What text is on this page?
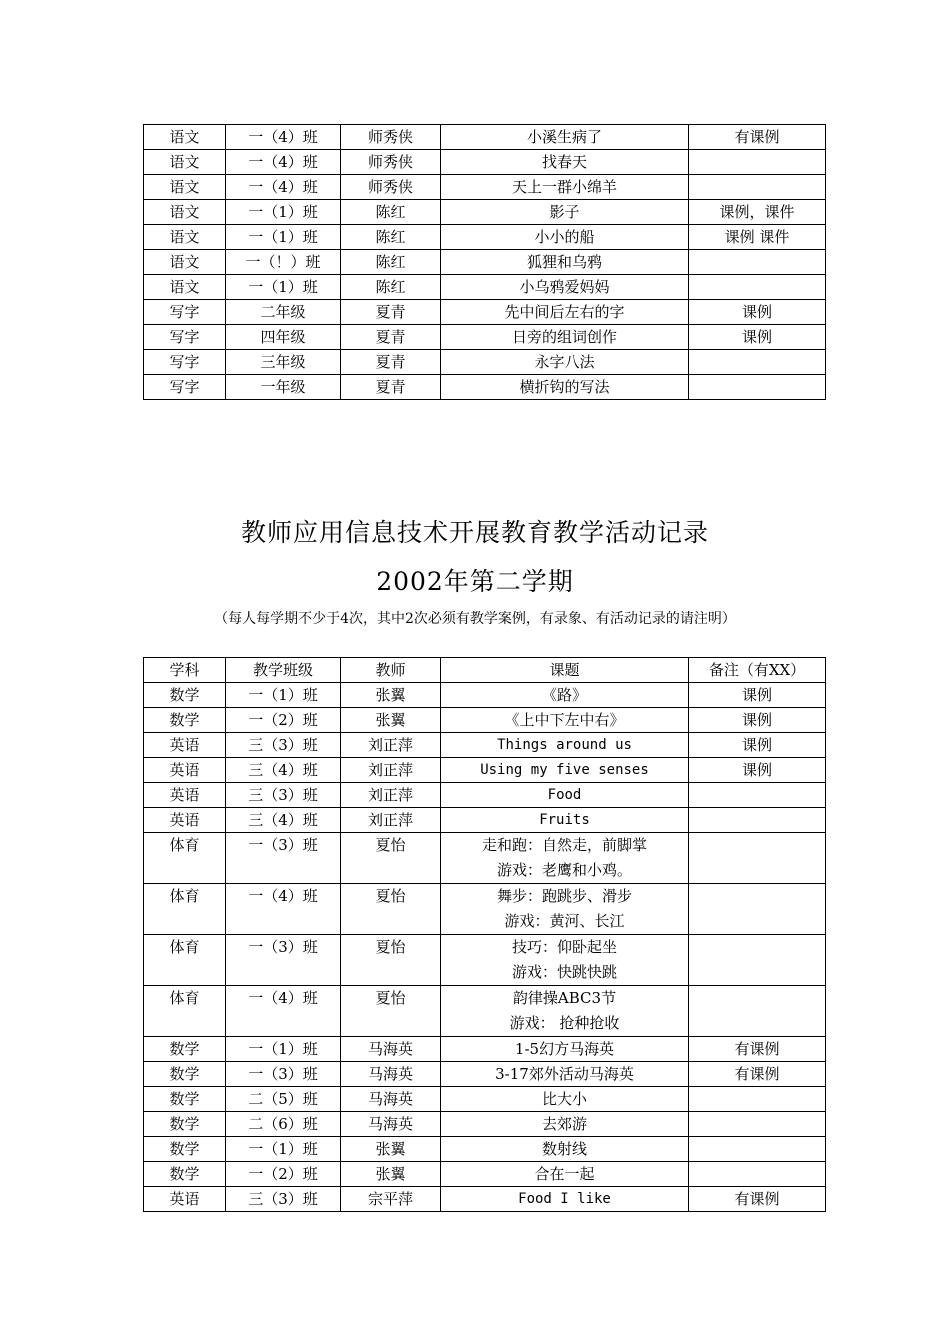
语文	一（4）班	师秀侠	小溪生病了	有课例
语文	一（4）班	师秀侠	找春天	
语文	一（4）班	师秀侠	天上一群小绵羊	
语文	一（1）班	陈红	影子	课例，课件
语文	一（1）班	陈红	小小的船	课例 课件
语文	一（！）班	陈红	狐狸和乌鸦	
语文	一（1）班	陈红	小乌鸦爱妈妈	
写字	二年级	夏青	先中间后左右的字	课例
写字	四年级	夏青	日旁的组词创作	课例
写字	三年级	夏青	永字八法	
写字	一年级	夏青	横折钩的写法	
教师应用信息技术开展教育教学活动记录
2002年第二学期
（每人每学期不少于4次，其中2次必须有教学案例，有录象、有活动记录的请注明）
学科	教学班级	教师	课题	备注（有XX）
数学	一（1）班	张翼	《路》	课例
数学	一（2）班	张翼	《上中下左中右》	课例
英语	三（3）班	刘正萍	Things around us	课例
英语	三（4）班	刘正萍	Using my five senses	课例
英语	三（3）班	刘正萍	Food	
英语	三（4）班	刘正萍	Fruits	
体育	一（3）班	夏怡	走和跑：自然走，前脚掌
游戏：老鹰和小鸡。	

体育	一（4）班	夏怡	舞步：跑跳步、滑步
游戏：黄河、长江	

体育	一（3）班	夏怡	技巧：仰卧起坐
游戏：快跳快跳	

体育	一（4）班	夏怡	韵律操ABC3节
游戏： 抢种抢收	

数学	一（1）班	马海英	1-5幻方马海英	有课例
数学	一（3）班	马海英	3-17郊外活动马海英	有课例
数学	二（5）班	马海英	比大小	
数学	二（6）班	马海英	去郊游	
数学	一（1）班	张翼	数射线	
数学	一（2）班	张翼	合在一起	
英语	三（3）班	宗平萍	Food I like	有课例
